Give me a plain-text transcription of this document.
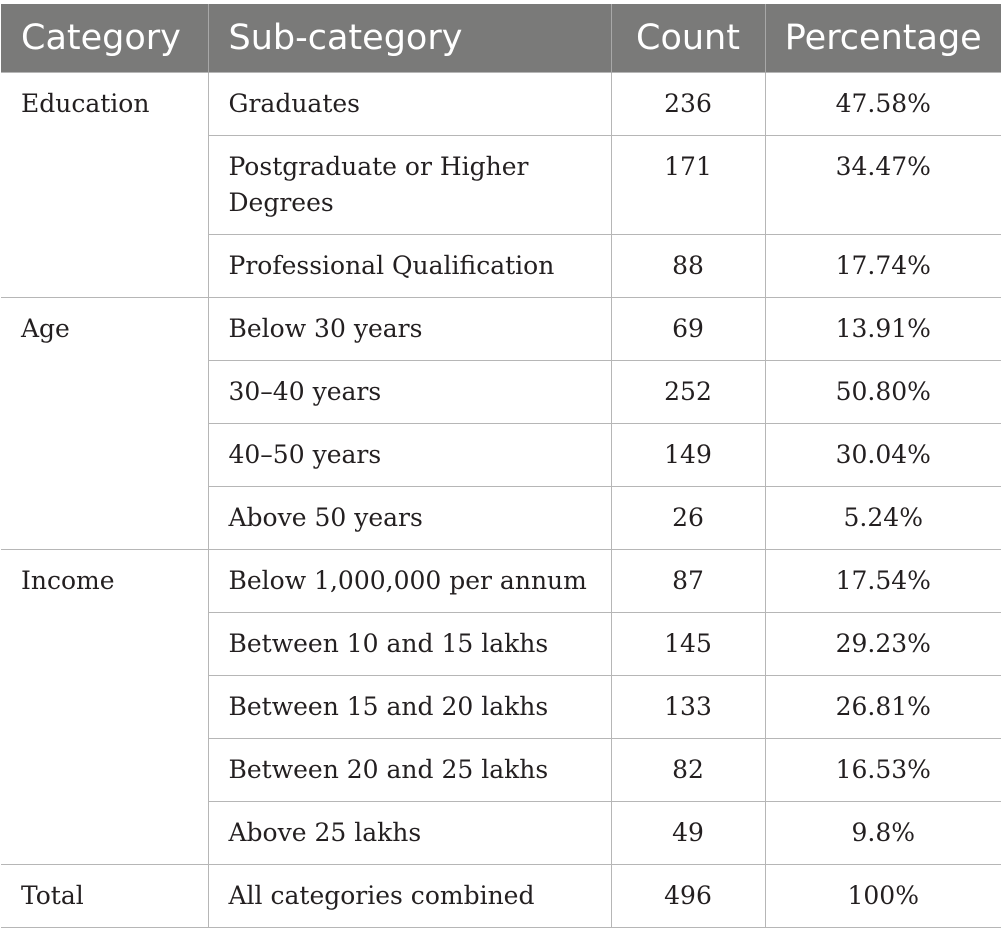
Category	Sub-category	Count	Percentage
Education	Graduates	236	47.58%
	Postgraduate or Higher Degrees	171	34.47%
	Professional Qualification	88	17.74%
Age	Below 30 years	69	13.91%
	30–40 years	252	50.80%
	40–50 years	149	30.04%
	Above 50 years	26	5.24%
Income	Below 1,000,000 per annum	87	17.54%
	Between 10 and 15 lakhs	145	29.23%
	Between 15 and 20 lakhs	133	26.81%
	Between 20 and 25 lakhs	82	16.53%
	Above 25 lakhs	49	9.8%
Total	All categories combined	496	100%
